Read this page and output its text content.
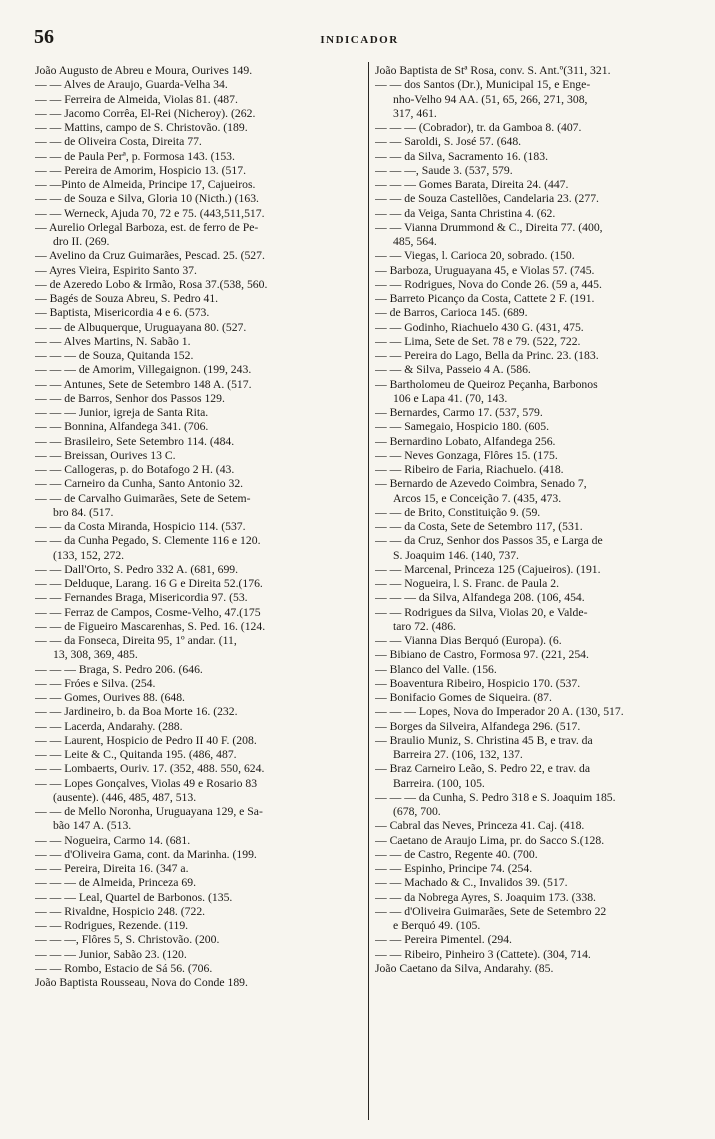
56	INDICADOR
João Augusto de Abreu e Moura, Ourives 149.
— — Alves de Araujo, Guarda-Velha 34.
— — Ferreira de Almeida, Violas 81. (487.
— — Jacomo Corrêa, El-Rei (Nicheroy). (262.
— — Mattins, campo de S. Christovão. (189.
— — de Oliveira Costa, Direita 77.
— — de Paula Perª, p. Formosa 143. (153.
— — Pereira de Amorim, Hospicio 13. (517.
— —Pinto de Almeida, Principe 17, Cajueiros.
— — de Souza e Silva, Gloria 10 (Nicth.) (163.
— — Werneck, Ajuda 70, 72 e 75. (443,511,517.
— Aurelio Orlegal Barboza, est. de ferro de Pe-
dro II. (269.
— Avelino da Cruz Guimarães, Pescad. 25. (527.
— Ayres Vieira, Espirito Santo 37.
— de Azeredo Lobo & Irmão, Rosa 37.(538, 560.
— Bagés de Souza Abreu, S. Pedro 41.
— Baptista, Misericordia 4 e 6. (573.
— — de Albuquerque, Uruguayana 80. (527.
— — Alves Martins, N. Sabão 1.
— — — de Souza, Quitanda 152.
— — — de Amorim, Villegaignon. (199, 243.
— — Antunes, Sete de Setembro 148 A. (517.
— — de Barros, Senhor dos Passos 129.
— — — Junior, igreja de Santa Rita.
— — Bonnina, Alfandega 341. (706.
— — Brasileiro, Sete Setembro 114. (484.
— — Breissan, Ourives 13 C.
— — Callogeras, p. do Botafogo 2 H. (43.
— — Carneiro da Cunha, Santo Antonio 32.
— — de Carvalho Guimarães, Sete de Setem-
bro 84. (517.
— — da Costa Miranda, Hospicio 114. (537.
— — da Cunha Pegado, S. Clemente 116 e 120.
(133, 152, 272.
— — Dall'Orto, S. Pedro 332 A. (681, 699.
— — Delduque, Larang. 16 G e Direita 52.(176.
— — Fernandes Braga, Misericordia 97. (53.
— — Ferraz de Campos, Cosme-Velho, 47.(175
— — de Figueiro Mascarenhas, S. Ped. 16. (124.
— — da Fonseca, Direita 95, 1º andar. (11,
13, 308, 369, 485.
— — — Braga, S. Pedro 206. (646.
— — Fróes e Silva. (254.
— — Gomes, Ourives 88. (648.
— — Jardineiro, b. da Boa Morte 16. (232.
— — Lacerda, Andarahy. (288.
— — Laurent, Hospicio de Pedro II 40 F. (208.
— — Leite & C., Quitanda 195. (486, 487.
— — Lombaerts, Ouriv. 17. (352, 488. 550, 624.
— — Lopes Gonçalves, Violas 49 e Rosario 83
(ausente). (446, 485, 487, 513.
— — de Mello Noronha, Uruguayana 129, e Sa-
bão 147 A. (513.
— — Nogueira, Carmo 14. (681.
— — d'Oliveira Gama, cont. da Marinha. (199.
— — Pereira, Direita 16. (347 a.
— — — de Almeida, Princeza 69.
— — — Leal, Quartel de Barbonos. (135.
— — Rivaldne, Hospicio 248. (722.
— — Rodrigues, Rezende. (119.
— — —, Flôres 5, S. Christovão. (200.
— — — Junior, Sabão 23. (120.
— — Rombo, Estacio de Sá 56. (706.
João Baptista Rousseau, Nova do Conde 189.
João Baptista de Stª Rosa, conv. S. Ant.º(311, 321.
— — dos Santos (Dr.), Municipal 15, e Enge-
nho-Velho 94 AA. (51, 65, 266, 271, 308,
317, 461.
— — — (Cobrador), tr. da Gamboa 8. (407.
— — Saroldi, S. José 57. (648.
— — da Silva, Sacramento 16. (183.
— — —, Saude 3. (537, 579.
— — — Gomes Barata, Direita 24. (447.
— — de Souza Castellões, Candelaria 23. (277.
— — da Veiga, Santa Christina 4. (62.
— — Vianna Drummond & C., Direita 77. (400,
485, 564.
— — Viegas, l. Carioca 20, sobrado. (150.
— Barboza, Uruguayana 45, e Violas 57. (745.
— — Rodrigues, Nova do Conde 26. (59 a, 445.
— Barreto Picanço da Costa, Cattete 2 F. (191.
— de Barros, Carioca 145. (689.
— — Godinho, Riachuelo 430 G. (431, 475.
— — Lima, Sete de Set. 78 e 79. (522, 722.
— — Pereira do Lago, Bella da Princ. 23. (183.
— — & Silva, Passeio 4 A. (586.
— Bartholomeu de Queiroz Peçanha, Barbonos
106 e Lapa 41. (70, 143.
— Bernardes, Carmo 17. (537, 579.
— — Samegaio, Hospicio 180. (605.
— Bernardino Lobato, Alfandega 256.
— — Neves Gonzaga, Flôres 15. (175.
— — Ribeiro de Faria, Riachuelo. (418.
— Bernardo de Azevedo Coimbra, Senado 7,
Arcos 15, e Conceição 7. (435, 473.
— — de Brito, Constituição 9. (59.
— — da Costa, Sete de Setembro 117, (531.
— — da Cruz, Senhor dos Passos 35, e Larga de
S. Joaquim 146. (140, 737.
— — Marcenal, Princeza 125 (Cajueiros). (191.
— — Nogueira, l. S. Franc. de Paula 2.
— — — da Silva, Alfandega 208. (106, 454.
— — Rodrigues da Silva, Violas 20, e Valde-
taro 72. (486.
— — Vianna Dias Berquó (Europa). (6.
— Bibiano de Castro, Formosa 97. (221, 254.
— Blanco del Valle. (156.
— Boaventura Ribeiro, Hospicio 170. (537.
— Bonifacio Gomes de Siqueira. (87.
— — — Lopes, Nova do Imperador 20 A. (130, 517.
— Borges da Silveira, Alfandega 296. (517.
— Braulio Muniz, S. Christina 45 B, e trav. da
Barreira 27. (106, 132, 137.
— Braz Carneiro Leão, S. Pedro 22, e trav. da
Barreira. (100, 105.
— — — da Cunha, S. Pedro 318 e S. Joaquim 185.
(678, 700.
— Cabral das Neves, Princeza 41. Caj. (418.
— Caetano de Araujo Lima, pr. do Sacco S.(128.
— — de Castro, Regente 40. (700.
— — Espinho, Principe 74. (254.
— — Machado & C., Invalidos 39. (517.
— — da Nobrega Ayres, S. Joaquim 173. (338.
— — d'Oliveira Guimarães, Sete de Setembro 22
e Berquó 49. (105.
— — Pereira Pimentel. (294.
— — Ribeiro, Pinheiro 3 (Cattete). (304, 714.
João Caetano da Silva, Andarahy. (85.
